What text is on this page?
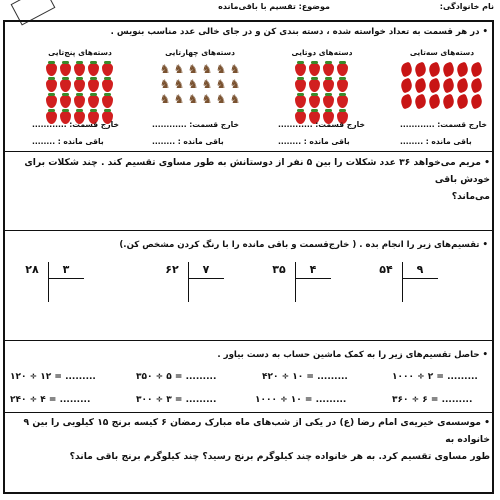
نام خانوادگی:
موضوع: تقسیم با باقی‌مانده
• در هر قسمت به تعداد خواسته شده ، دسته بندی کن و در جای خالی عدد مناسب بنویس .
دسته‌های سه‌تایی
دسته‌های دوتایی
دسته‌های چهارتایی
♞ ♞ ♞ ♞ ♞ ♞
♞ ♞ ♞ ♞ ♞ ♞
♞ ♞ ♞ ♞ ♞ ♞
دسته‌های پنج‌تایی
خارج قسمت: ............
باقی مانده : ........
خارج قسمت: ............
باقی مانده : ........
خارج قسمت: ............
باقی مانده : ........
خارج قسمت: ............
باقی مانده : ........
• مریم می‌خواهد ۳۶ عدد شکلات را بین ۵ نفر از دوستانش به طور مساوی تقسیم کند . چند شکلات برای خودش باقی
می‌ماند؟
• تقسیم‌های زیر را انجام بده . ( خارج‌قسمت و باقی مانده را با رنگ کردن مشخص کن.)
۵۴	۹
۳۵	۴
۶۲	۷
۲۸	۳
• حاصل تقسیم‌های زیر را به کمک ماشین حساب به دست بیاور .
۱۰۰۰ ÷ ۲ = .........
۴۲۰ ÷ ۱۰ = .........
۳۵۰ ÷ ۵ = .........
۱۲۰ ÷ ۱۲ = .........
۳۶۰ ÷ ۶ = .........
۱۰۰۰ ÷ ۱۰ = .........
۳۰۰ ÷ ۳ = .........
۲۴۰ ÷ ۴ = .........
• موسسه‌ی خیریه‌ی امام رضا (ع) در یکی از شب‌های ماه مبارک رمضان ۶ کیسه برنج ۱۵ کیلویی را بین ۹ خانواده به
طور مساوی تقسیم کرد. به هر خانواده چند کیلوگرم برنج رسید؟ چند کیلوگرم برنج باقی ماند؟
